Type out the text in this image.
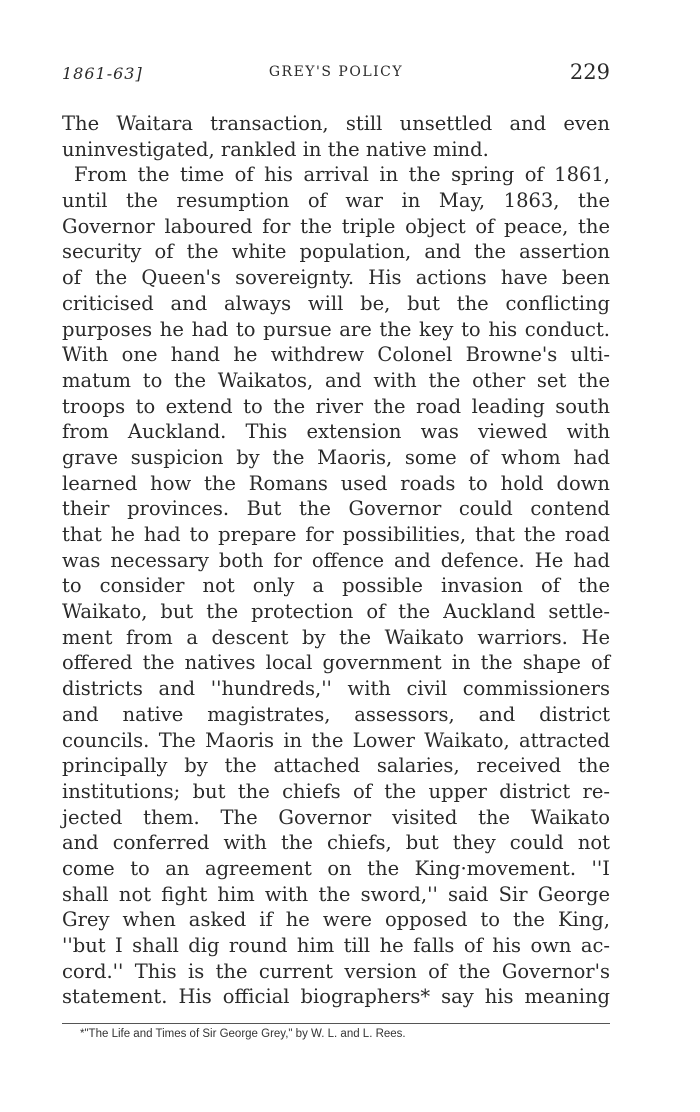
1861-63]	GREY'S POLICY	229
The Waitara transaction, still unsettled and even
uninvestigated, rankled in the native mind.
From the time of his arrival in the spring of 1861,
until the resumption of war in May, 1863, the
Governor laboured for the triple object of peace, the
security of the white population, and the assertion
of the Queen's sovereignty. His actions have been
criticised and always will be, but the conflicting
purposes he had to pursue are the key to his conduct.
With one hand he withdrew Colonel Browne's ulti-
matum to the Waikatos, and with the other set the
troops to extend to the river the road leading south
from Auckland. This extension was viewed with
grave suspicion by the Maoris, some of whom had
learned how the Romans used roads to hold down
their provinces. But the Governor could contend
that he had to prepare for possibilities, that the road
was necessary both for offence and defence. He had
to consider not only a possible invasion of the
Waikato, but the protection of the Auckland settle-
ment from a descent by the Waikato warriors. He
offered the natives local government in the shape of
districts and ''hundreds,'' with civil commissioners
and native magistrates, assessors, and district
councils. The Maoris in the Lower Waikato, attracted
principally by the attached salaries, received the
institutions; but the chiefs of the upper district re-
jected them. The Governor visited the Waikato
and conferred with the chiefs, but they could not
come to an agreement on the King·movement. ''I
shall not fight him with the sword,'' said Sir George
Grey when asked if he were opposed to the King,
''but I shall dig round him till he falls of his own ac-
cord.'' This is the current version of the Governor's
statement. His official biographers* say his meaning
*"The Life and Times of Sir George Grey," by W. L. and L. Rees.
